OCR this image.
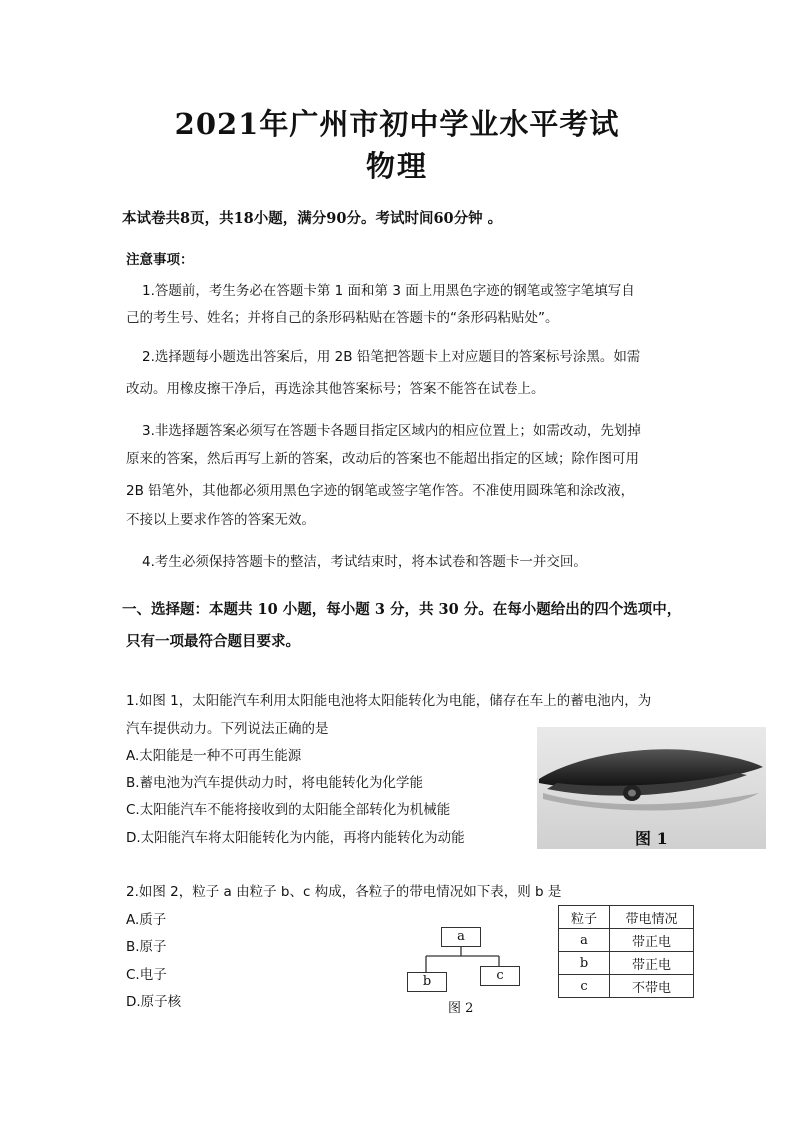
2021年广州市初中学业水平考试
物理
本试卷共8页，共18小题，满分90分。考试时间60分钟 。
注意事项：
1.答题前，考生务必在答题卡第 1 面和第 3 面上用黑色字迹的钢笔或签字笔填写自
己的考生号、姓名；并将自己的条形码粘贴在答题卡的“条形码粘贴处”。
2.选择题每小题选出答案后，用 2B 铅笔把答题卡上对应题目的答案标号涂黑。如需
改动。用橡皮擦干净后，再选涂其他答案标号；答案不能答在试卷上。
3.非选择题答案必须写在答题卡各题目指定区域内的相应位置上；如需改动，先划掉
原来的答案，然后再写上新的答案，改动后的答案也不能超出指定的区域；除作图可用
2B 铅笔外，其他都必须用黑色字迹的钢笔或签字笔作答。不准使用圆珠笔和涂改液，
不接以上要求作答的答案无效。
4.考生必须保持答题卡的整洁，考试结束时，将本试卷和答题卡一并交回。
一、选择题：本题共 10 小题，每小题 3 分，共 30 分。在每小题给出的四个选项中，
只有一项最符合题目要求。
1.如图 1，太阳能汽车利用太阳能电池将太阳能转化为电能，储存在车上的蓄电池内，为
汽车提供动力。下列说法正确的是
A.太阳能是一种不可再生能源
B.蓄电池为汽车提供动力时，将电能转化为化学能
C.太阳能汽车不能将接收到的太阳能全部转化为机械能
D.太阳能汽车将太阳能转化为内能，再将内能转化为动能	图 1
2.如图 2，粒子 a 由粒子 b、c 构成，各粒子的带电情况如下表，则 b 是
A.质子
B.原子
C.电子
D.原子核
a
b	c
图 2
粒子	带电情况
a	带正电
b	带正电
c	不带电
